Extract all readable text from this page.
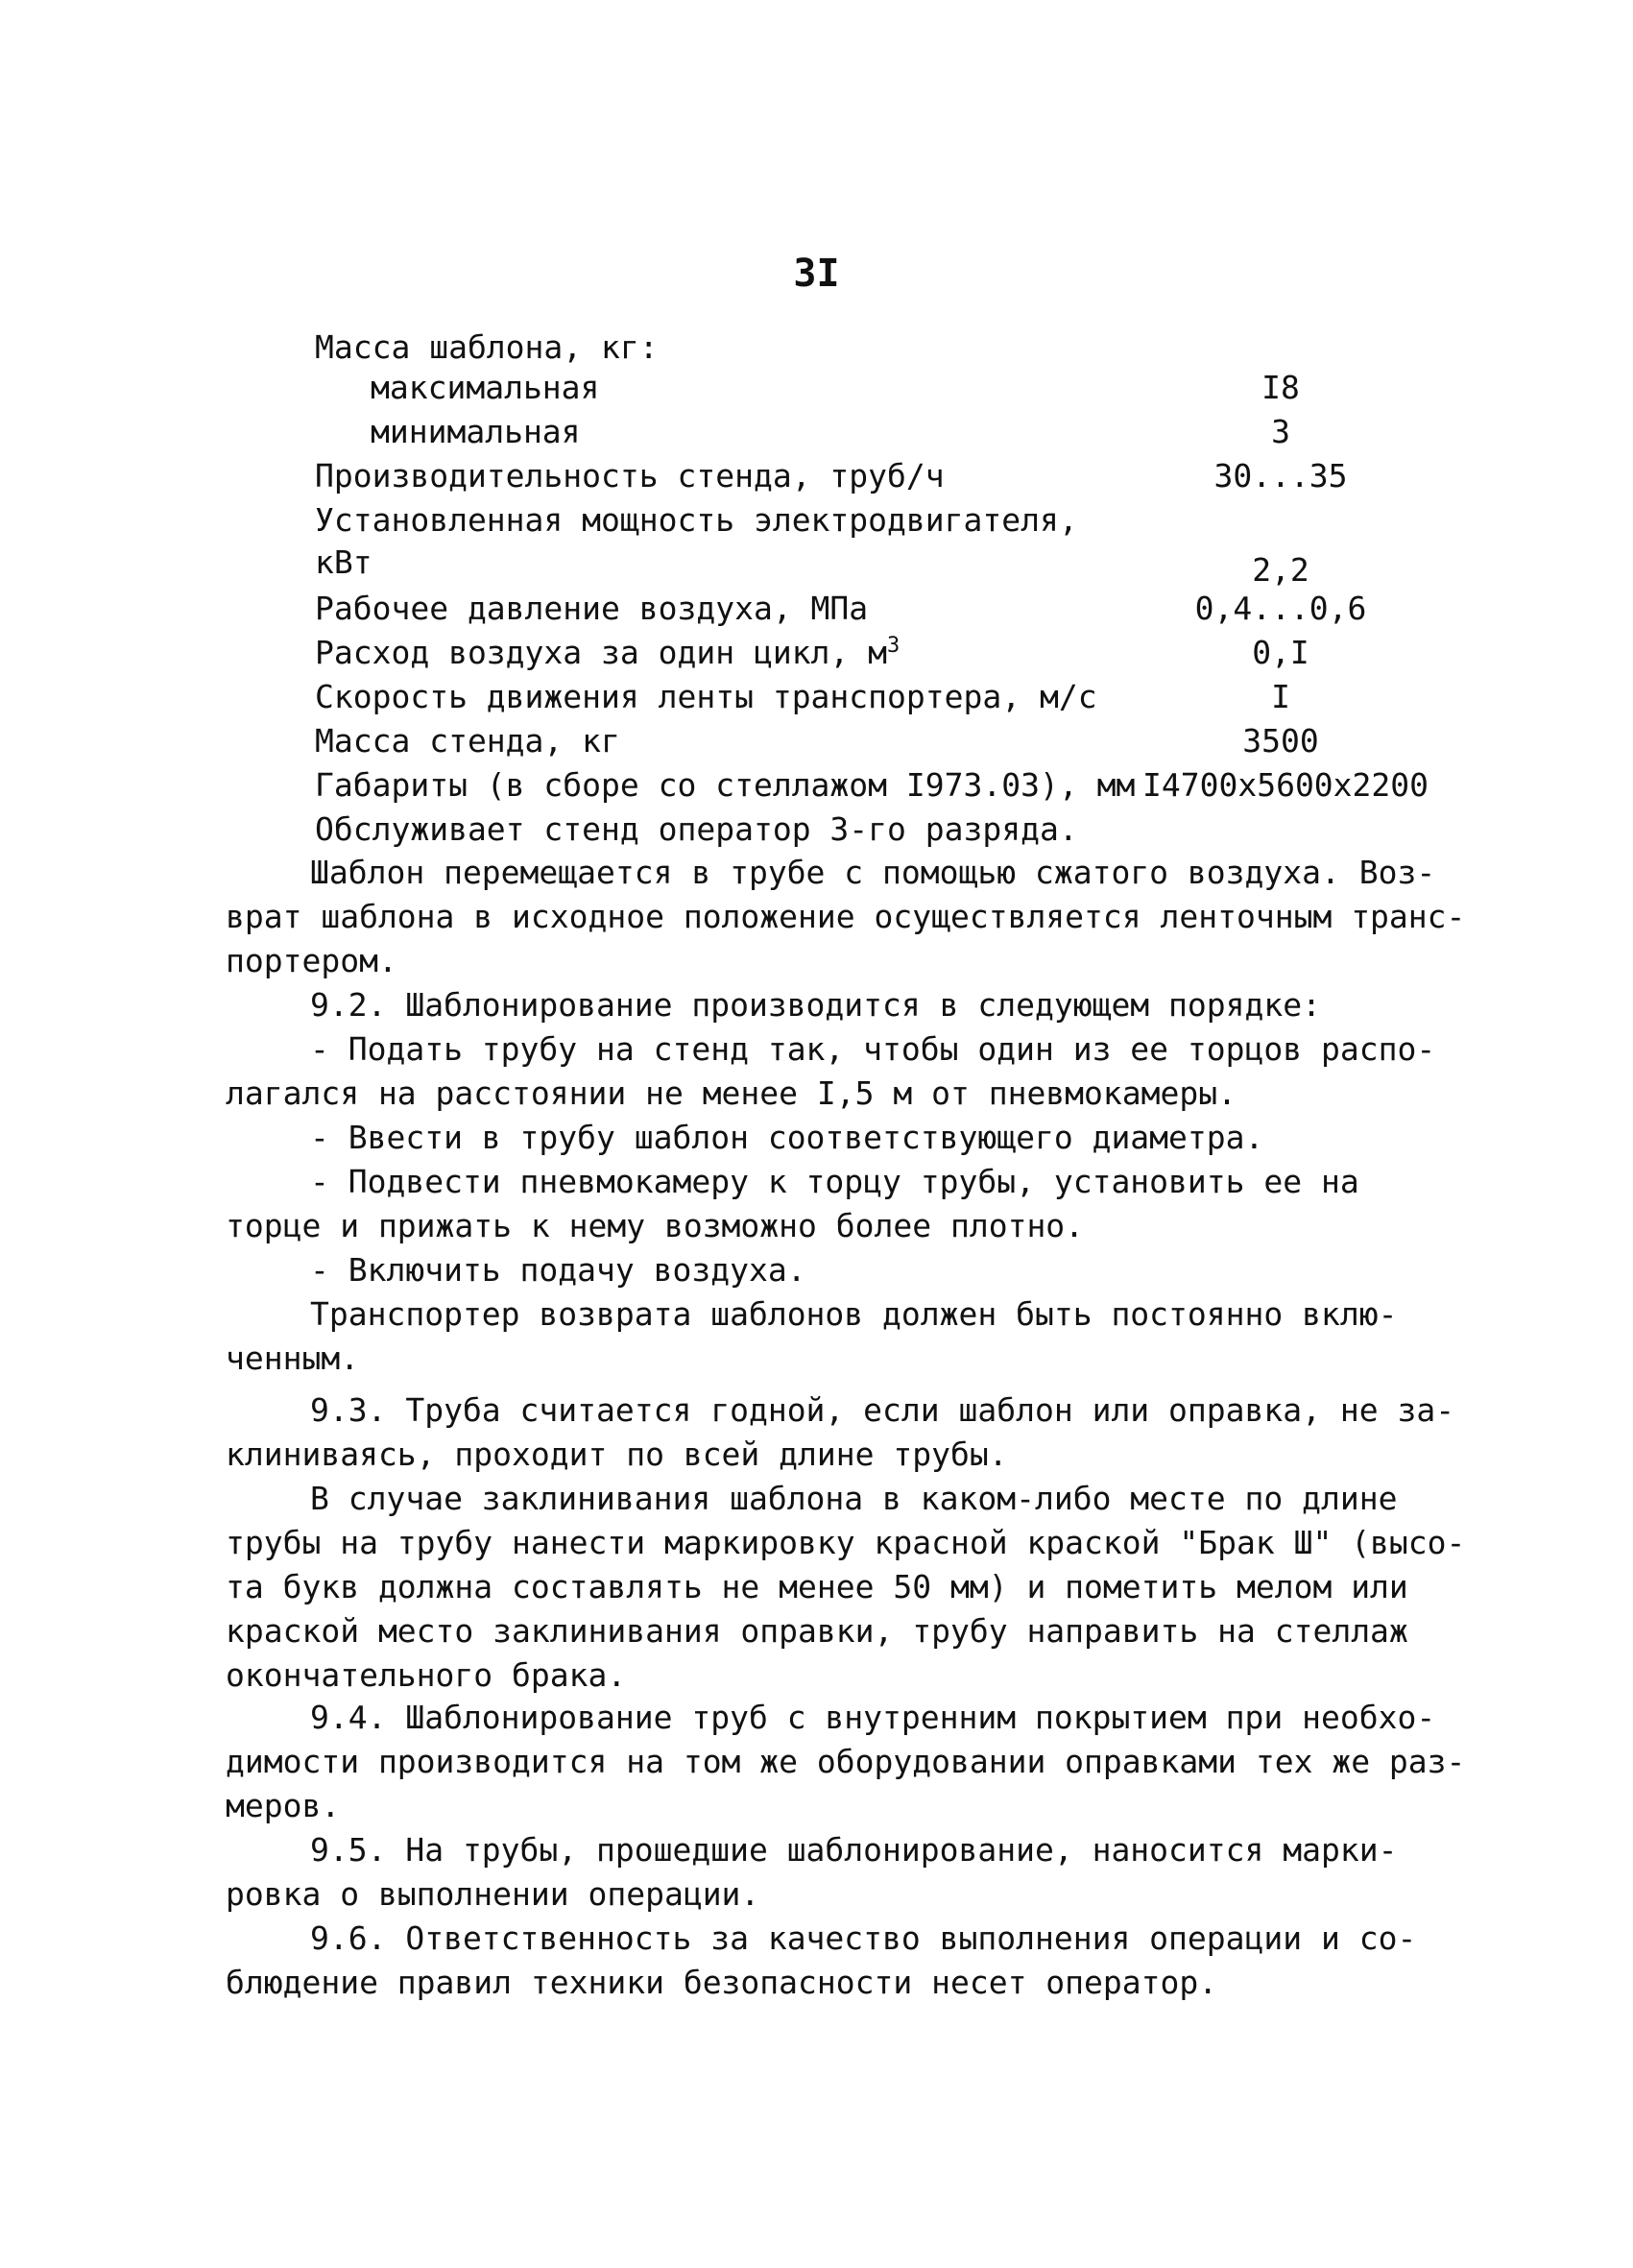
3I
Масса шаблона, кг:
максимальная	I8
минимальная	3
Производительность стенда, труб/ч	30...35
Установленная мощность электродвигателя,
кВт	2,2
Рабочее давление воздуха, МПа	0,4...0,6
Расход воздуха за один цикл, $м^3$	0,I
Скорость движения ленты транспортера, м/с	I
Масса стенда, кг	3500
Габариты (в сборе со стеллажом I973.03), мм I4700x5600x2200
Обслуживает стенд оператор 3-го разряда.
Шаблон перемещается в трубе с помощью сжатого воздуха. Воз-
врат шаблона в исходное положение осуществляется ленточным транс-
портером.
9.2. Шаблонирование производится в следующем порядке:
- Подать трубу на стенд так, чтобы один из ее торцов распо-
лагался на расстоянии не менее I,5 м от пневмокамеры.
- Ввести в трубу шаблон соответствующего диаметра.
- Подвести пневмокамеру к торцу трубы, установить ее на
торце и прижать к нему возможно более плотно.
- Включить подачу воздуха.
Транспортер возврата шаблонов должен быть постоянно вклю-
ченным.
9.3. Труба считается годной, если шаблон или оправка, не за-
клиниваясь, проходит по всей длине трубы.
В случае заклинивания шаблона в каком-либо месте по длине
трубы на трубу нанести маркировку красной краской "Брак Ш" (высо-
та букв должна составлять не менее 50 мм) и пометить мелом или
краской место заклинивания оправки, трубу направить на стеллаж
окончательного брака.
9.4. Шаблонирование труб с внутренним покрытием при необхо-
димости производится на том же оборудовании оправками тех же раз-
меров.
9.5. На трубы, прошедшие шаблонирование, наносится марки-
ровка о выполнении операции.
9.6. Ответственность за качество выполнения операции и со-
блюдение правил техники безопасности несет оператор.
